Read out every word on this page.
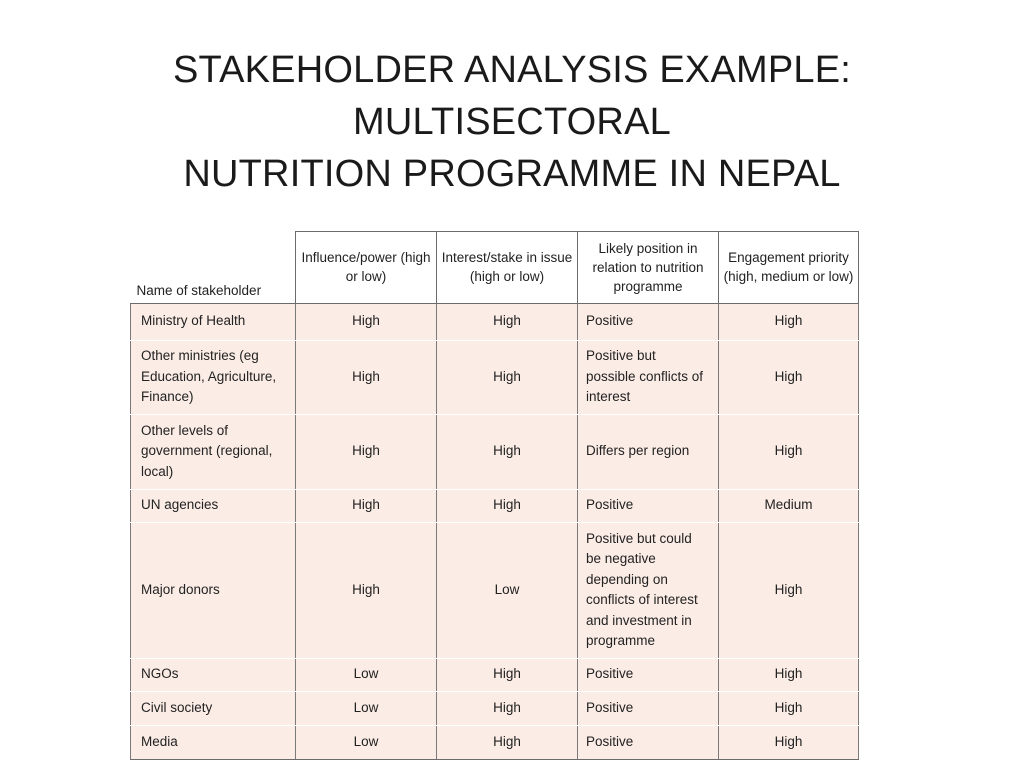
STAKEHOLDER ANALYSIS EXAMPLE: MULTISECTORAL
NUTRITION PROGRAMME IN NEPAL
Name of stakeholder	Influence/power (high or low)	Interest/stake in issue (high or low)	Likely position in relation to nutrition programme	Engagement priority (high, medium or low)
Ministry of Health	High	High	Positive	High
Other ministries (eg Education, Agriculture, Finance)	High	High	Positive but possible conflicts of interest	High
Other levels of government (regional, local)	High	High	Differs per region	High
UN agencies	High	High	Positive	Medium
Major donors	High	Low	Positive but could be negative depending on conflicts of interest and investment in programme	High
NGOs	Low	High	Positive	High
Civil society	Low	High	Positive	High
Media	Low	High	Positive	High
